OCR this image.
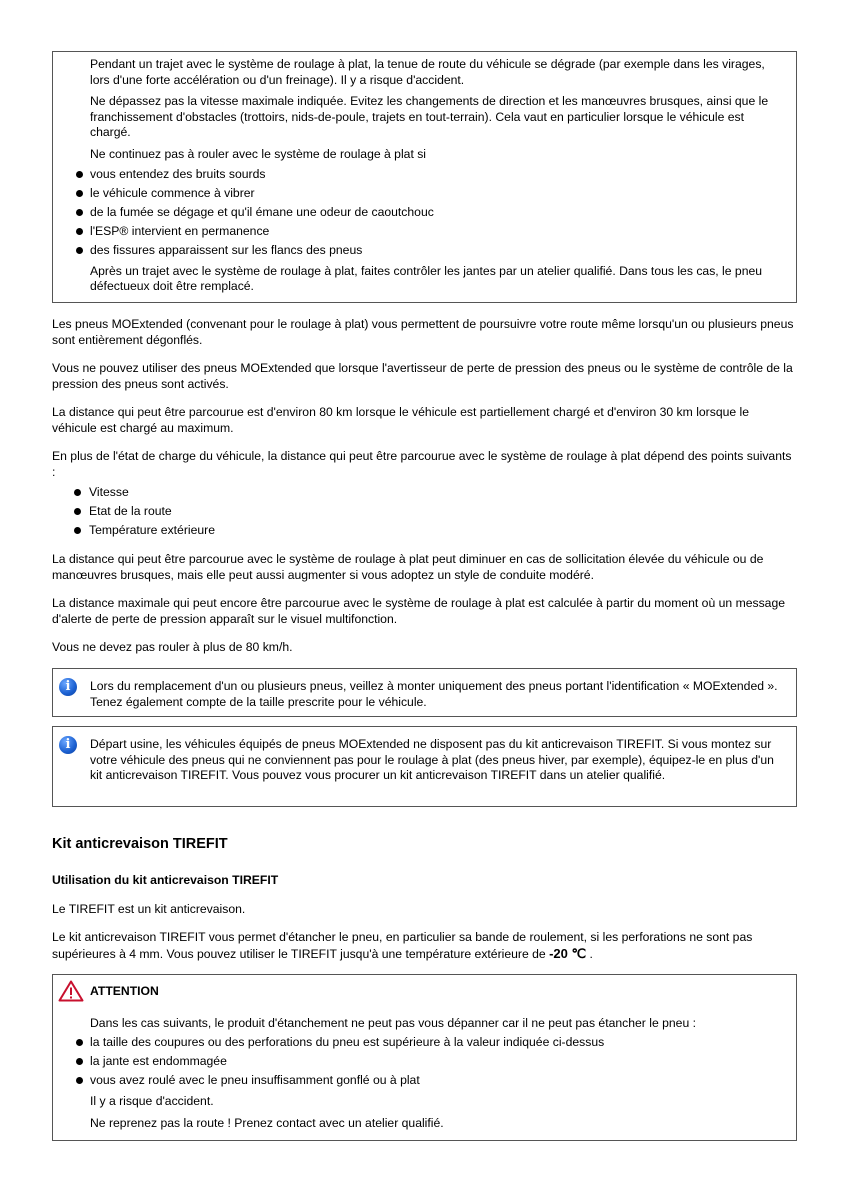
Pendant un trajet avec le système de roulage à plat, la tenue de route du véhicule se dégrade (par exemple dans les virages, lors d'une forte accélération ou d'un freinage). Il y a risque d'accident.

Ne dépassez pas la vitesse maximale indiquée. Evitez les changements de direction et les manœuvres brusques, ainsi que le franchissement d'obstacles (trottoirs, nids-de-poule, trajets en tout-terrain). Cela vaut en particulier lorsque le véhicule est chargé.

Ne continuez pas à rouler avec le système de roulage à plat si

vous entendez des bruits sourds
le véhicule commence à vibrer
de la fumée se dégage et qu'il émane une odeur de caoutchouc
l'ESP® intervient en permanence
des fissures apparaissent sur les flancs des pneus

Après un trajet avec le système de roulage à plat, faites contrôler les jantes par un atelier qualifié. Dans tous les cas, le pneu défectueux doit être remplacé.

Les pneus MOExtended (convenant pour le roulage à plat) vous permettent de poursuivre votre route même lorsqu'un ou plusieurs pneus sont entièrement dégonflés.

Vous ne pouvez utiliser des pneus MOExtended que lorsque l'avertisseur de perte de pression des pneus ou le système de contrôle de la pression des pneus sont activés.

La distance qui peut être parcourue est d'environ 80 km lorsque le véhicule est partiellement chargé et d'environ 30 km lorsque le véhicule est chargé au maximum.

En plus de l'état de charge du véhicule, la distance qui peut être parcourue avec le système de roulage à plat dépend des points suivants :

Vitesse
Etat de la route
Température extérieure

La distance qui peut être parcourue avec le système de roulage à plat peut diminuer en cas de sollicitation élevée du véhicule ou de manœuvres brusques, mais elle peut aussi augmenter si vous adoptez un style de conduite modéré.

La distance maximale qui peut encore être parcourue avec le système de roulage à plat est calculée à partir du moment où un message d'alerte de perte de pression apparaît sur le visuel multifonction.

Vous ne devez pas rouler à plus de 80 km/h.

i	Lors du remplacement d'un ou plusieurs pneus, veillez à monter uniquement des pneus portant l'identification « MOExtended ». Tenez également compte de la taille prescrite pour le véhicule.

i	Départ usine, les véhicules équipés de pneus MOExtended ne disposent pas du kit anticrevaison TIREFIT. Si vous montez sur votre véhicule des pneus qui ne conviennent pas pour le roulage à plat (des pneus hiver, par exemple), équipez-le en plus d'un kit anticrevaison TIREFIT. Vous pouvez vous procurer un kit anticrevaison TIREFIT dans un atelier qualifié.

Kit anticrevaison TIREFIT
Utilisation du kit anticrevaison TIREFIT

Le TIREFIT est un kit anticrevaison.

Le kit anticrevaison TIREFIT vous permet d'étancher le pneu, en particulier sa bande de roulement, si les perforations ne sont pas supérieures à 4 mm. Vous pouvez utiliser le TIREFIT jusqu'à une température extérieure de ‑20 ℃ .

ATTENTION

Dans les cas suivants, le produit d'étanchement ne peut pas vous dépanner car il ne peut pas étancher le pneu :

la taille des coupures ou des perforations du pneu est supérieure à la valeur indiquée ci-dessus
la jante est endommagée
vous avez roulé avec le pneu insuffisamment gonflé ou à plat

Il y a risque d'accident.

Ne reprenez pas la route ! Prenez contact avec un atelier qualifié.
